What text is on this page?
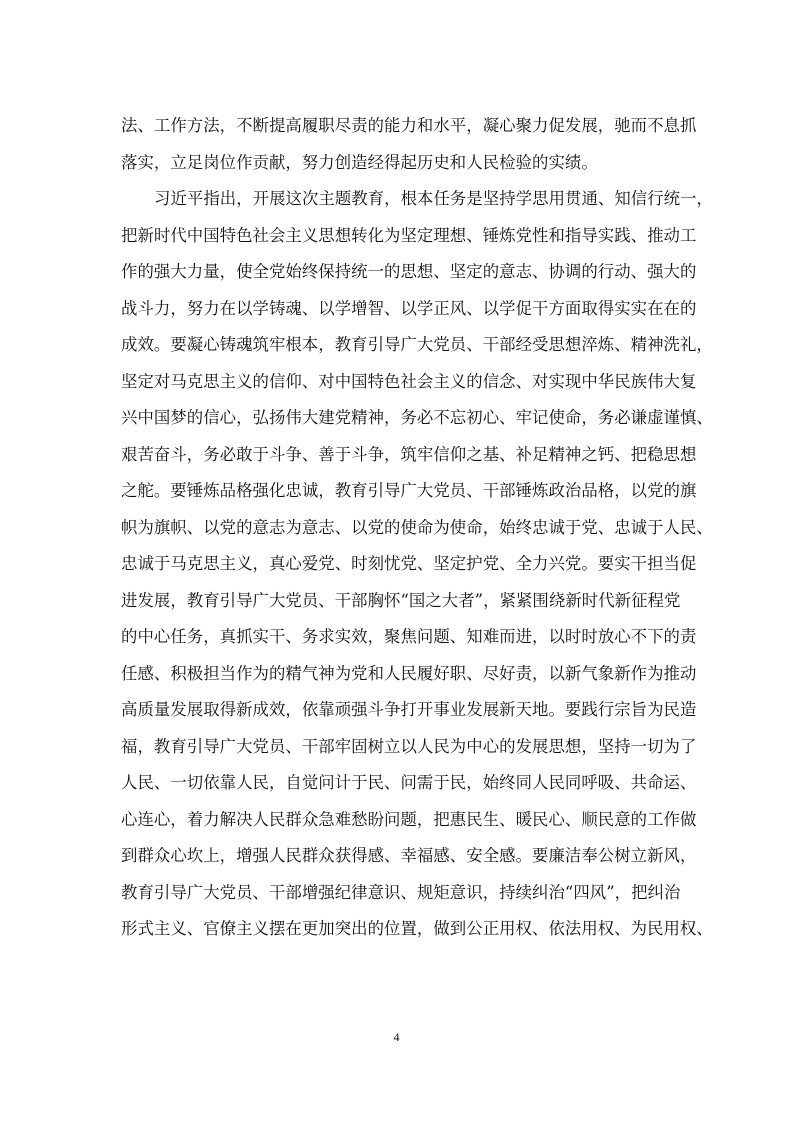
法、工作方法，不断提高履职尽责的能力和水平，凝心聚力促发展，驰而不息抓
落实，立足岗位作贡献，努力创造经得起历史和人民检验的实绩。
习近平指出，开展这次主题教育，根本任务是坚持学思用贯通、知信行统一，
把新时代中国特色社会主义思想转化为坚定理想、锤炼党性和指导实践、推动工
作的强大力量，使全党始终保持统一的思想、坚定的意志、协调的行动、强大的
战斗力，努力在以学铸魂、以学增智、以学正风、以学促干方面取得实实在在的
成效。要凝心铸魂筑牢根本，教育引导广大党员、干部经受思想淬炼、精神洗礼，
坚定对马克思主义的信仰、对中国特色社会主义的信念、对实现中华民族伟大复
兴中国梦的信心，弘扬伟大建党精神，务必不忘初心、牢记使命，务必谦虚谨慎、
艰苦奋斗，务必敢于斗争、善于斗争，筑牢信仰之基、补足精神之钙、把稳思想
之舵。要锤炼品格强化忠诚，教育引导广大党员、干部锤炼政治品格，以党的旗
帜为旗帜、以党的意志为意志、以党的使命为使命，始终忠诚于党、忠诚于人民、
忠诚于马克思主义，真心爱党、时刻忧党、坚定护党、全力兴党。要实干担当促
进发展，教育引导广大党员、干部胸怀“国之大者”，紧紧围绕新时代新征程党
的中心任务，真抓实干、务求实效，聚焦问题、知难而进，以时时放心不下的责
任感、积极担当作为的精气神为党和人民履好职、尽好责，以新气象新作为推动
高质量发展取得新成效，依靠顽强斗争打开事业发展新天地。要践行宗旨为民造
福，教育引导广大党员、干部牢固树立以人民为中心的发展思想，坚持一切为了
人民、一切依靠人民，自觉问计于民、问需于民，始终同人民同呼吸、共命运、
心连心，着力解决人民群众急难愁盼问题，把惠民生、暖民心、顺民意的工作做
到群众心坎上，增强人民群众获得感、幸福感、安全感。要廉洁奉公树立新风，
教育引导广大党员、干部增强纪律意识、规矩意识，持续纠治“四风”，把纠治
形式主义、官僚主义摆在更加突出的位置，做到公正用权、依法用权、为民用权、
4
